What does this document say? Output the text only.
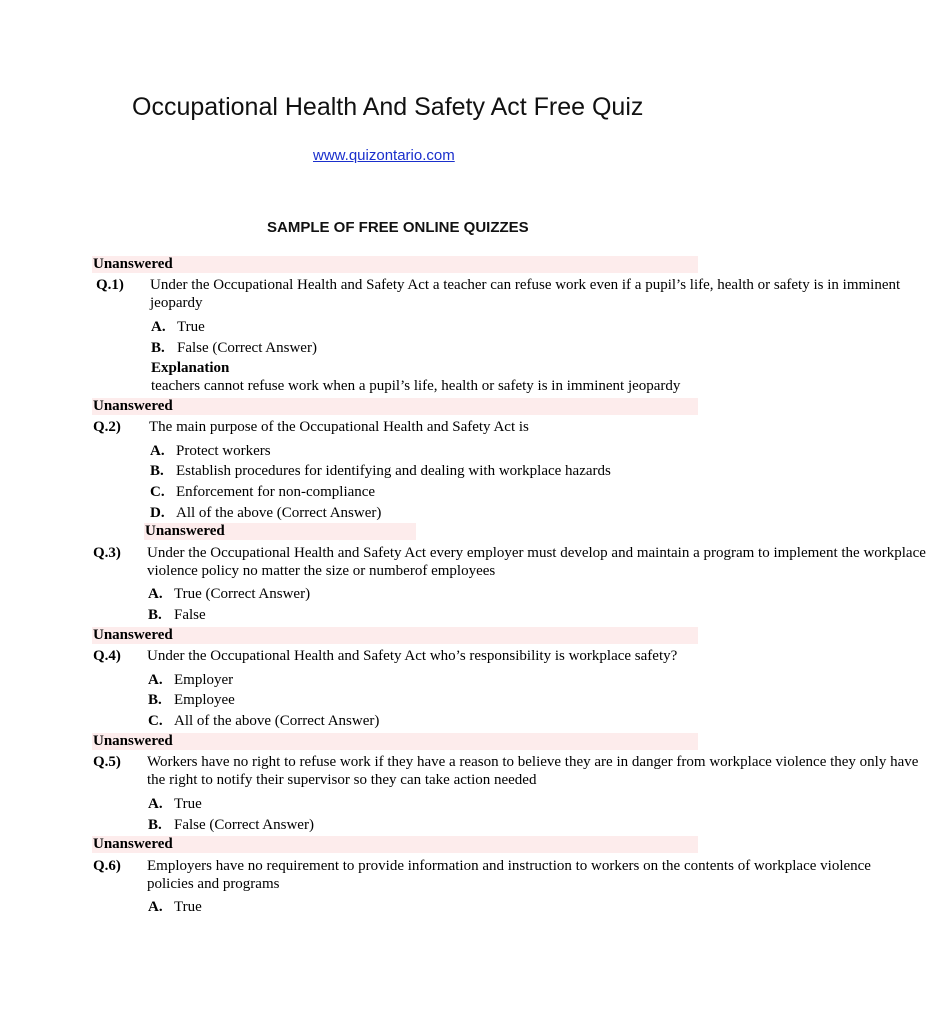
Occupational Health And Safety Act Free Quiz
www.quizontario.com
SAMPLE OF FREE ONLINE QUIZZES
Unanswered
Q.1) Under the Occupational Health and Safety Act a teacher can refuse work even if a pupil’s life, health or safety is in imminent
jeopardy
A. True
B. False (Correct Answer)
Explanation
teachers cannot refuse work when a pupil’s life, health or safety is in imminent jeopardy
Unanswered
Q.2) The main purpose of the Occupational Health and Safety Act is
A. Protect workers
B. Establish procedures for identifying and dealing with workplace hazards
C. Enforcement for non-compliance
D. All of the above (Correct Answer)
Unanswered
Q.3) Under the Occupational Health and Safety Act every employer must develop and maintain a program to implement the workplace
violence policy no matter the size or numberof employees
A. True (Correct Answer)
B. False
Unanswered
Q.4) Under the Occupational Health and Safety Act who’s responsibility is workplace safety?
A. Employer
B. Employee
C. All of the above (Correct Answer)
Unanswered
Q.5) Workers have no right to refuse work if they have a reason to believe they are in danger from workplace violence they only have
the right to notify their supervisor so they can take action needed
A. True
B. False (Correct Answer)
Unanswered
Q.6) Employers have no requirement to provide information and instruction to workers on the contents of workplace violence
policies and programs
A. True
